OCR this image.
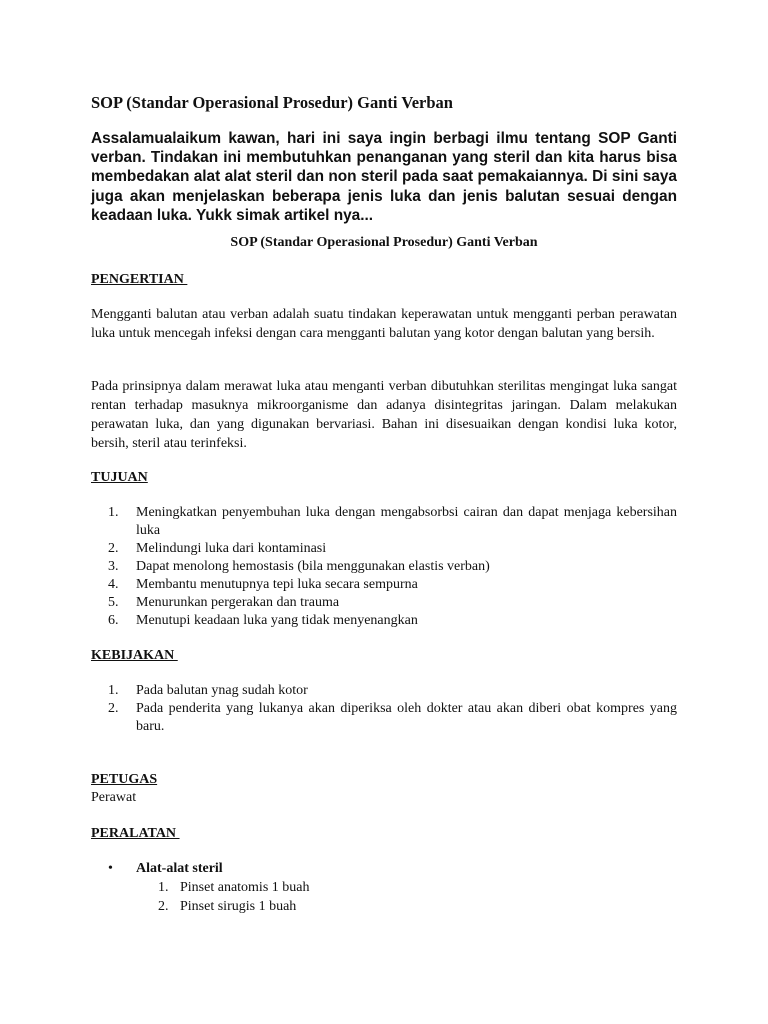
SOP (Standar Operasional Prosedur) Ganti Verban
Assalamualaikum kawan, hari ini saya ingin berbagi ilmu tentang SOP Ganti verban. Tindakan ini membutuhkan penanganan yang steril dan kita harus bisa membedakan alat alat steril dan non steril pada saat pemakaiannya. Di sini saya juga akan menjelaskan beberapa jenis luka dan jenis balutan sesuai dengan keadaan luka. Yukk simak artikel nya...
SOP (Standar Operasional Prosedur) Ganti Verban
PENGERTIAN
Mengganti balutan atau verban adalah suatu tindakan keperawatan untuk mengganti perban perawatan luka untuk mencegah infeksi dengan cara mengganti balutan yang kotor dengan balutan yang bersih.
Pada prinsipnya dalam merawat luka atau menganti verban dibutuhkan sterilitas mengingat luka sangat rentan terhadap masuknya mikroorganisme dan adanya disintegritas jaringan. Dalam melakukan perawatan luka, dan yang digunakan bervariasi. Bahan ini disesuaikan dengan kondisi luka kotor, bersih, steril atau terinfeksi.
TUJUAN
1. Meningkatkan penyembuhan luka dengan mengabsorbsi cairan dan dapat menjaga kebersihan luka
2. Melindungi luka dari kontaminasi
3. Dapat menolong hemostasis (bila menggunakan elastis verban)
4. Membantu menutupnya tepi luka secara sempurna
5. Menurunkan pergerakan dan trauma
6. Menutupi keadaan luka yang tidak menyenangkan
KEBIJAKAN
1. Pada balutan ynag sudah kotor
2. Pada penderita yang lukanya akan diperiksa oleh dokter atau akan diberi obat kompres yang baru.
PETUGAS
Perawat
PERALATAN
• Alat-alat steril
1. Pinset anatomis 1 buah
2. Pinset sirugis 1 buah
